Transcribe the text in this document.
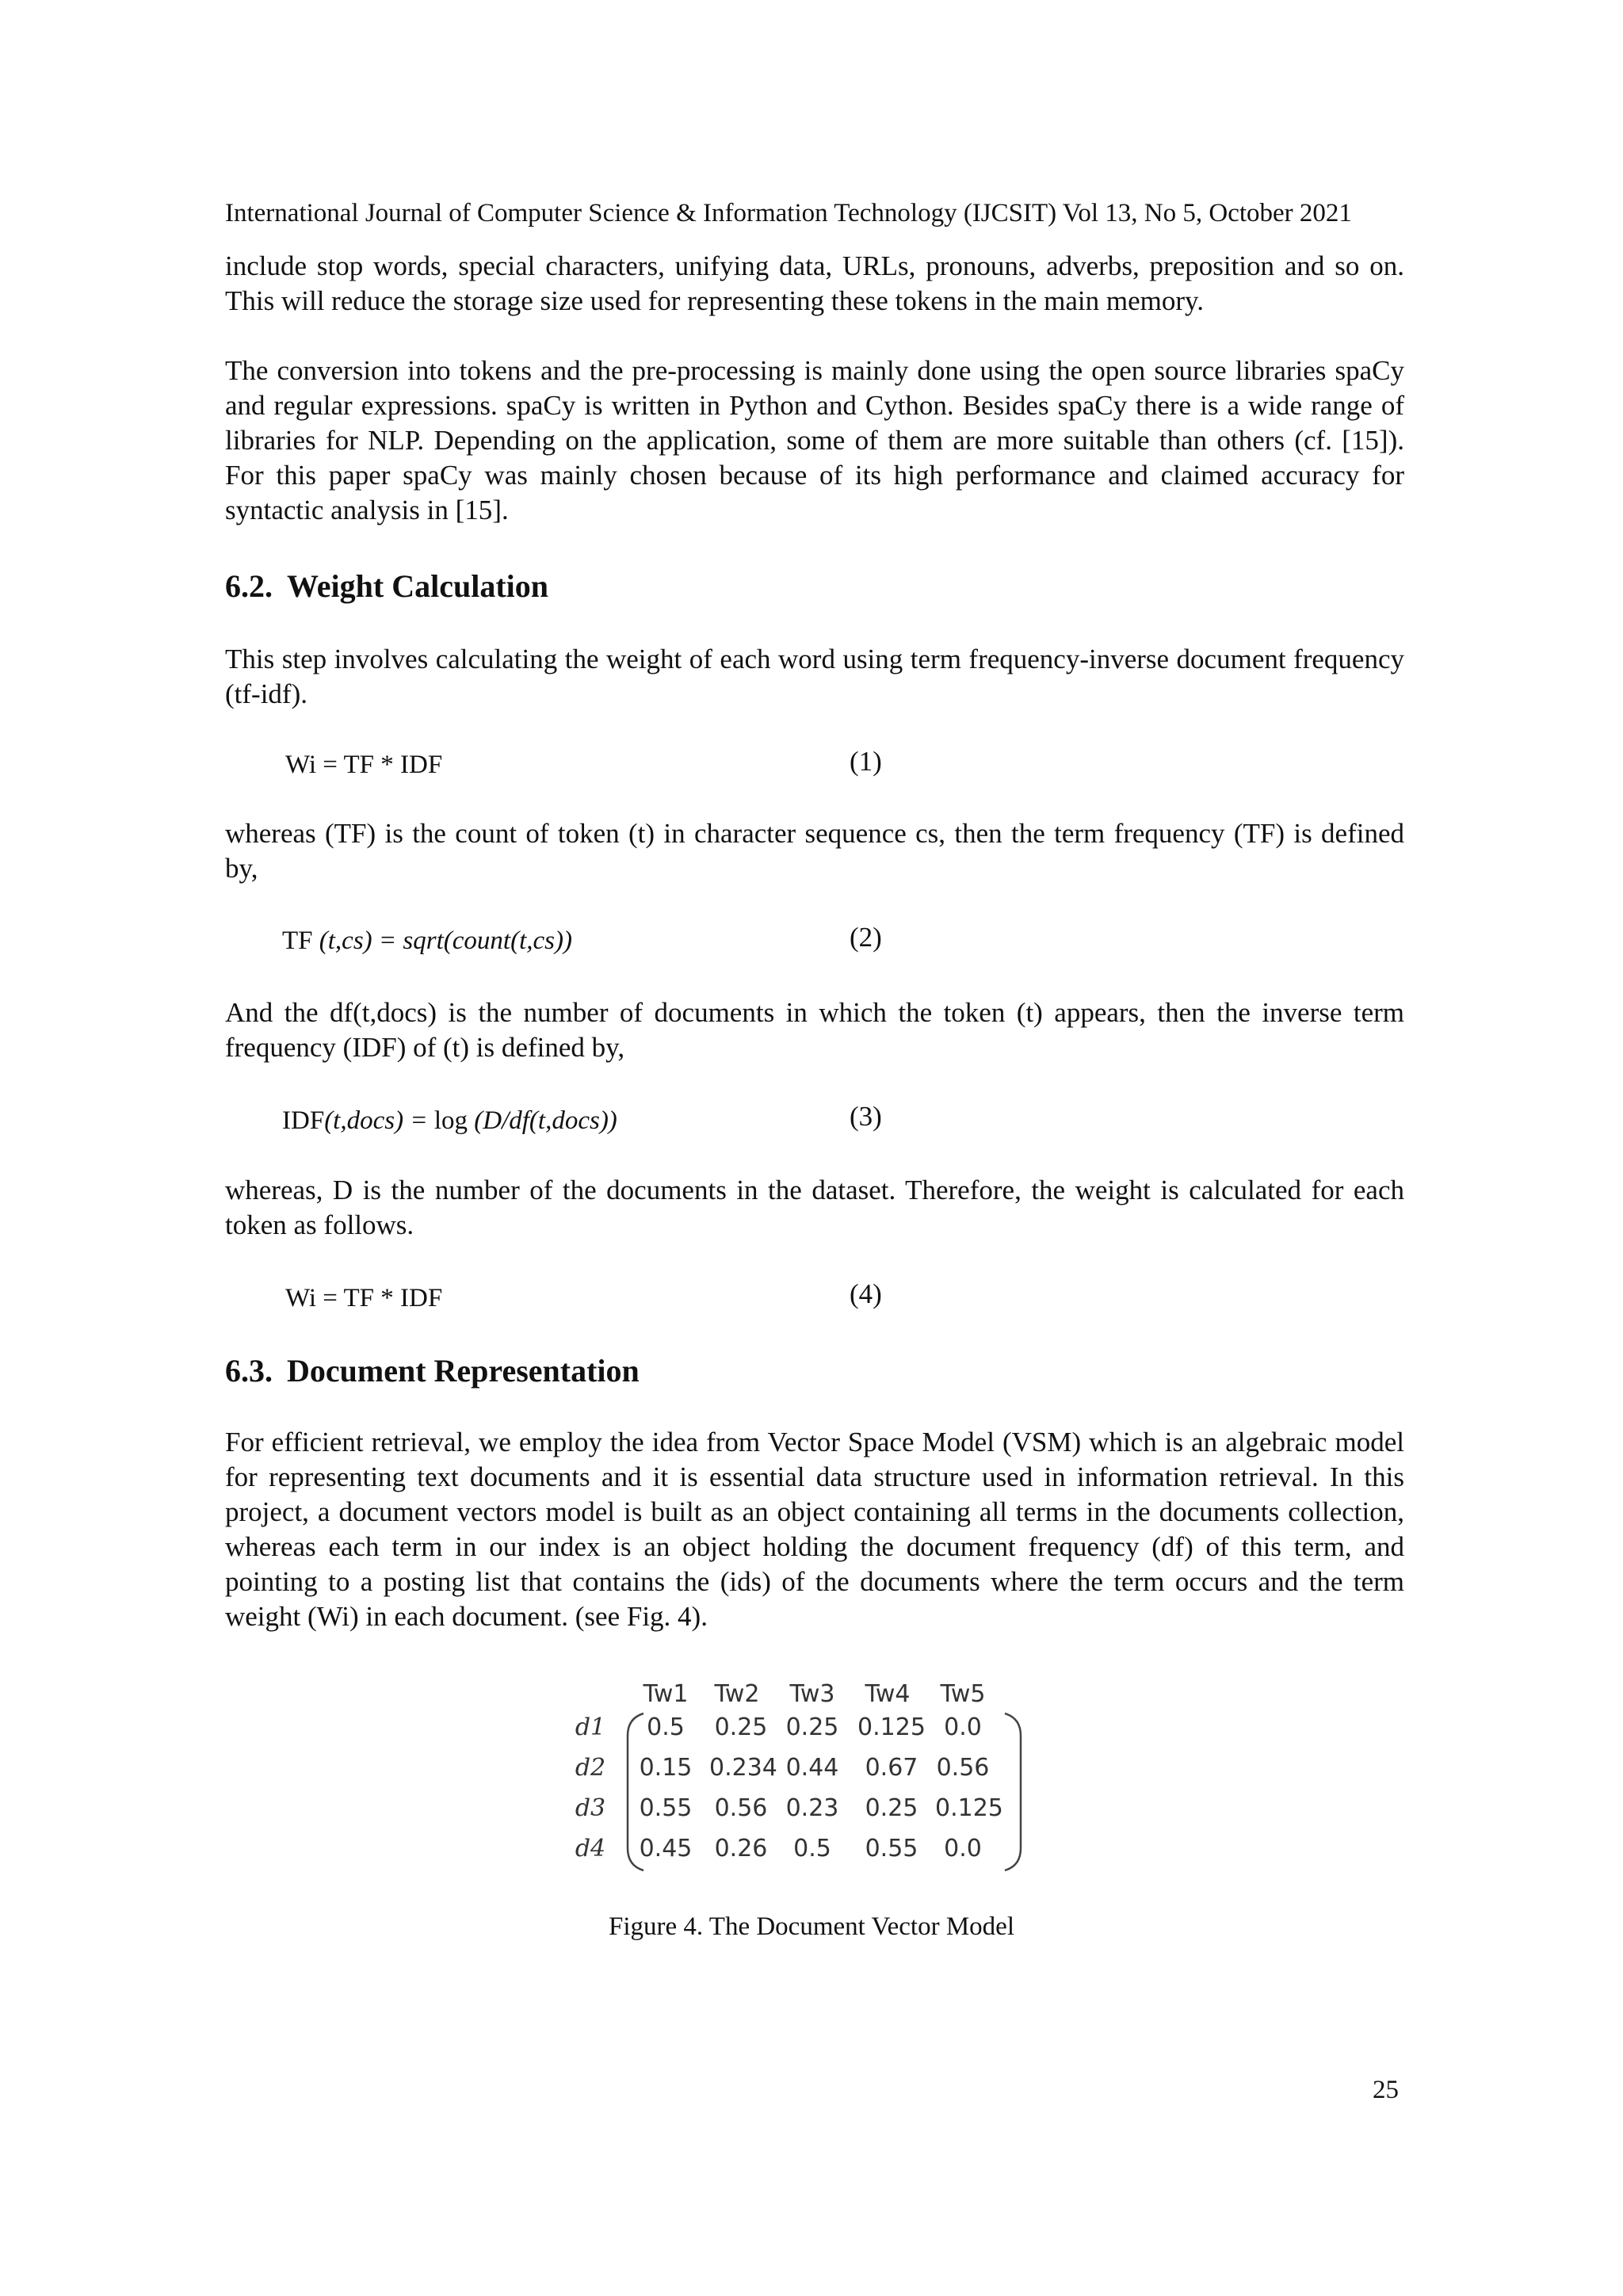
International Journal of Computer Science & Information Technology (IJCSIT) Vol 13, No 5, October 2021

include stop words, special characters, unifying data, URLs, pronouns, adverbs, preposition and so on. This will reduce the storage size used for representing these tokens in the main memory.

The conversion into tokens and the pre-processing is mainly done using the open source libraries spaCy and regular expressions. spaCy is written in Python and Cython. Besides spaCy there is a wide range of libraries for NLP. Depending on the application, some of them are more suitable than others (cf. [15]). For this paper spaCy was mainly chosen because of its high performance and claimed accuracy for syntactic analysis in [15].

6.2. Weight Calculation

This step involves calculating the weight of each word using term frequency-inverse document frequency (tf-idf).

Wi = TF * IDF	(1)

whereas (TF) is the count of token (t) in character sequence cs, then the term frequency (TF) is defined by,

TF (t,cs) = sqrt(count(t,cs))	(2)

And the df(t,docs) is the number of documents in which the token (t) appears, then the inverse term frequency (IDF) of (t) is defined by,

IDF(t,docs) = log (D/df(t,docs))	(3)

whereas, D is the number of the documents in the dataset. Therefore, the weight is calculated for each token as follows.

Wi = TF * IDF	(4)
6.3. Document Representation

For efficient retrieval, we employ the idea from Vector Space Model (VSM) which is an algebraic model for representing text documents and it is essential data structure used in information retrieval. In this project, a document vectors model is built as an object containing all terms in the documents collection, whereas each term in our index is an object holding the document frequency (df) of this term, and pointing to a posting list that contains the (ids) of the documents where the term occurs and the term weight (Wi) in each document. (see Fig. 4).

Tw1 Tw2 Tw3 Tw4 Tw5
d1	0.5	0.25 0.25 0.125 0.0
d2 0.15 0.234 0.44	0.67 0.56
d3 0.55 0.56 0.23	0.25 0.125
d4 0.45 0.26	0.5	0.55	0.0
Figure 4. The Document Vector Model
25
